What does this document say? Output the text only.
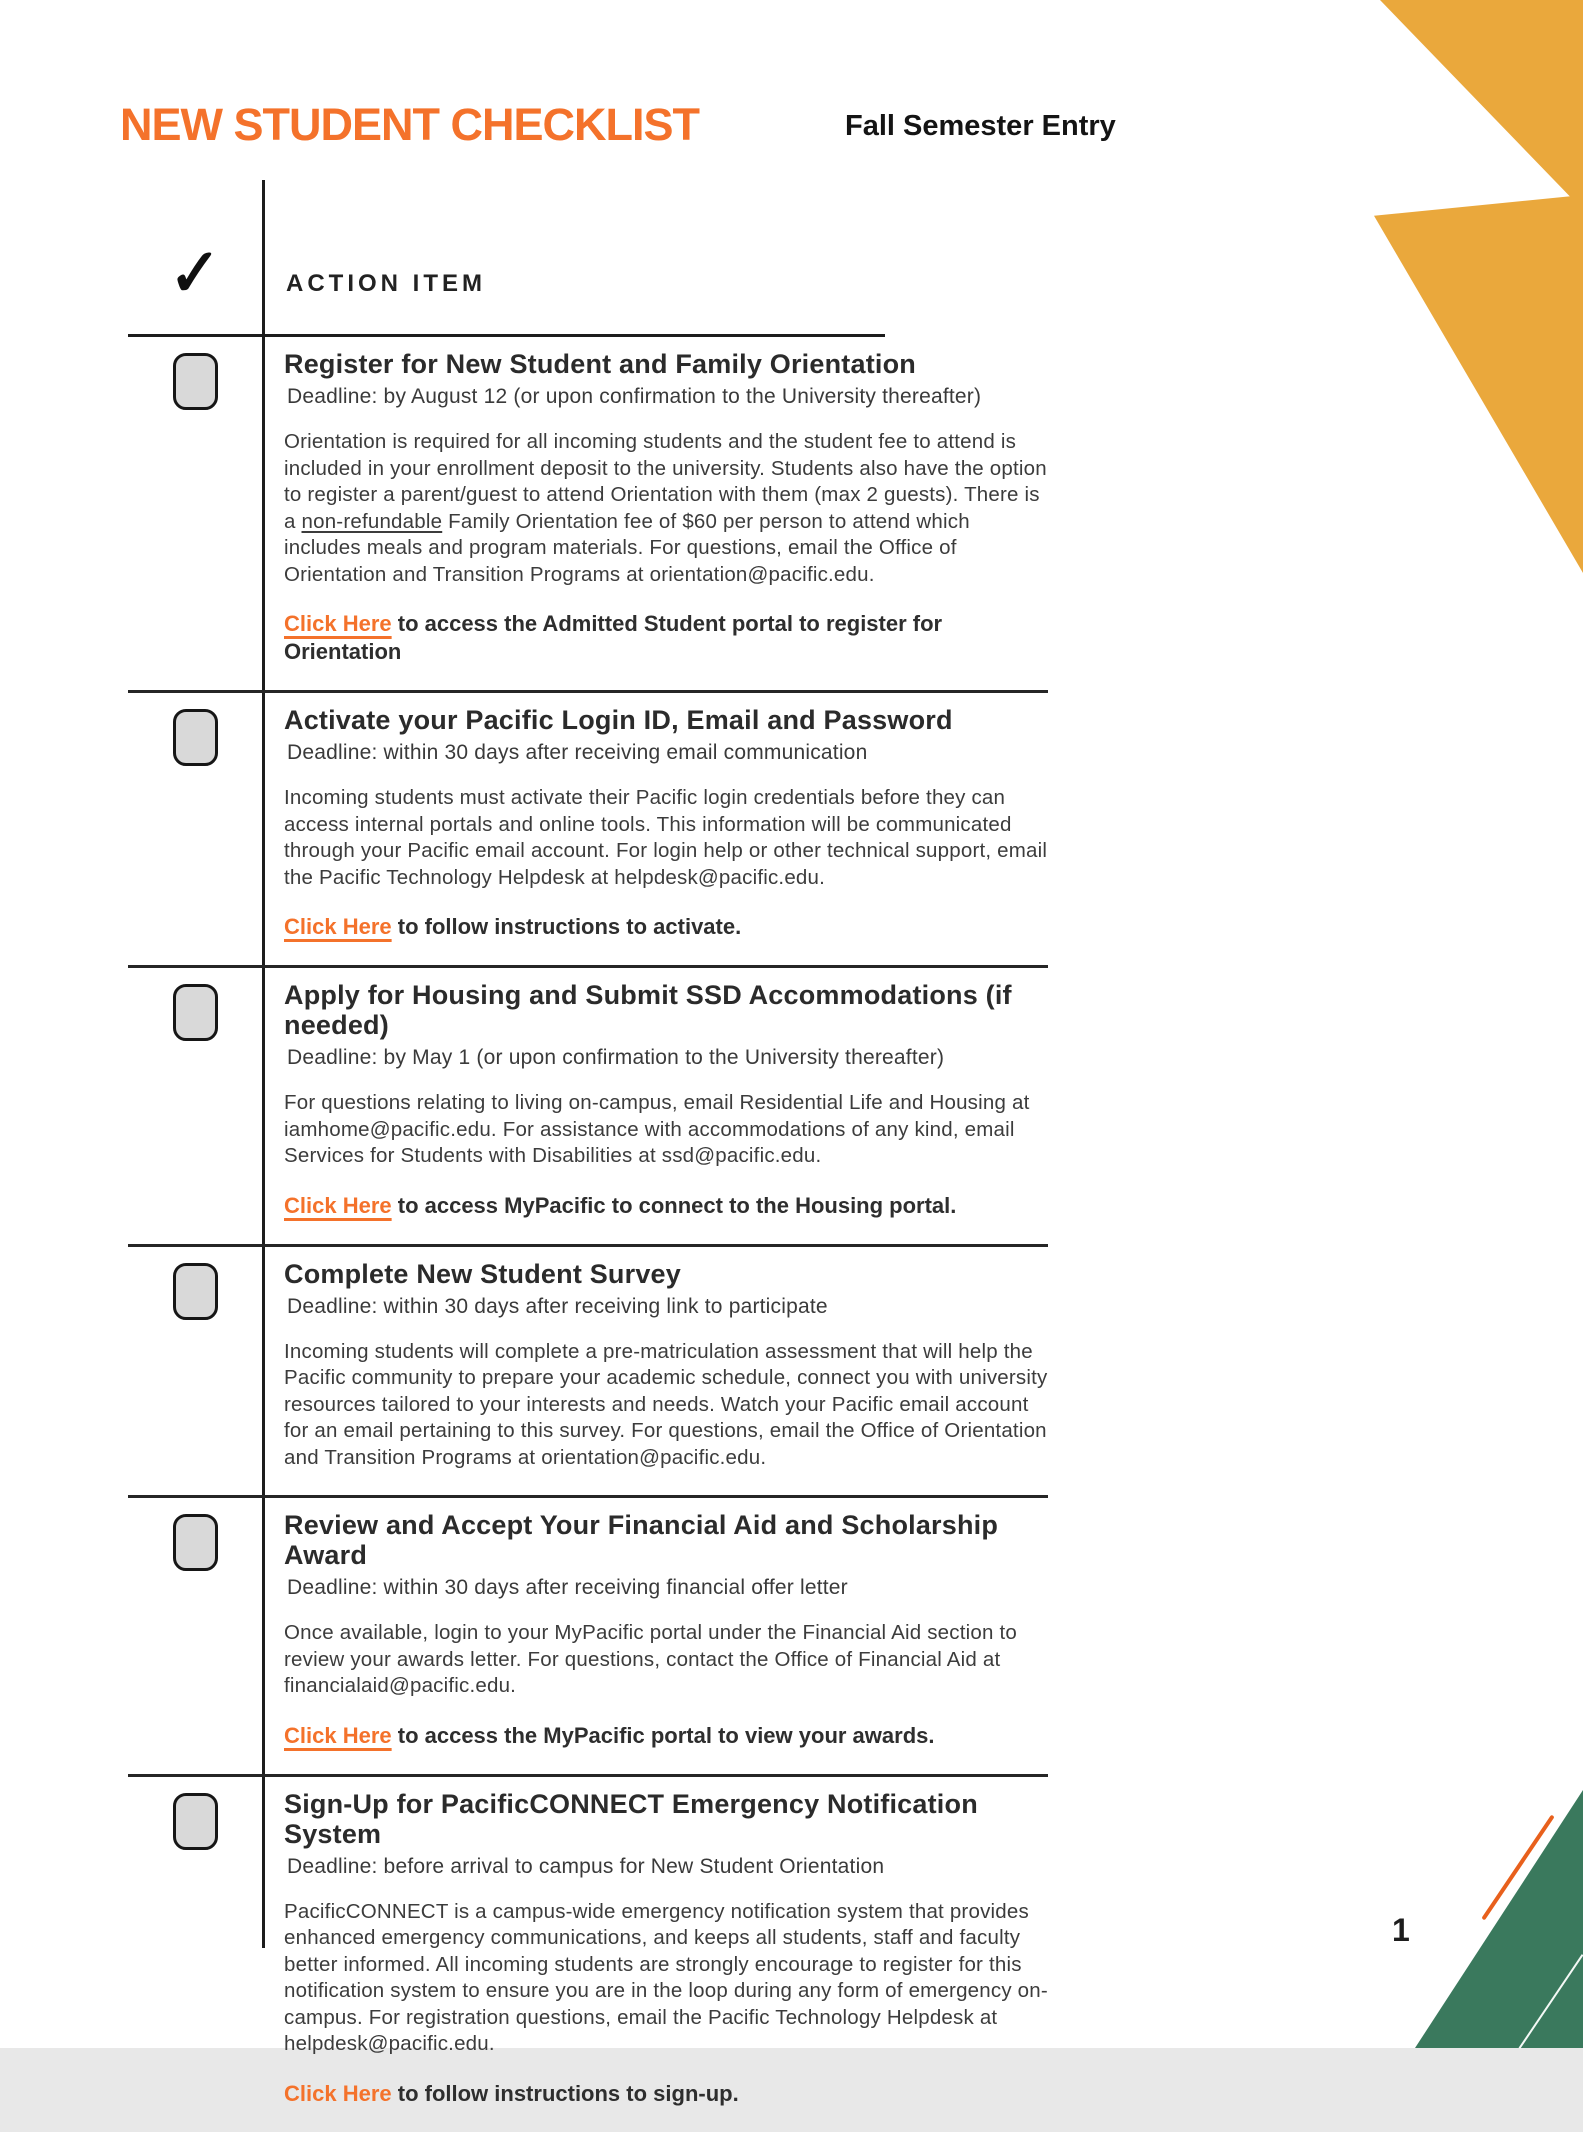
1
NEW STUDENT CHECKLIST	Fall Semester Entry
✓	ACTION ITEM
Register for New Student and Family Orientation
Deadline: by August 12 (or upon confirmation to the University thereafter)

Orientation is required for all incoming students and the student fee to attend is included in your enrollment deposit to the university. Students also have the option to register a parent/guest to attend Orientation with them (max 2 guests). There is a non-refundable Family Orientation fee of $60 per person to attend which includes meals and program materials. For questions, email the Office of Orientation and Transition Programs at orientation@pacific.edu.

Click Here to access the Admitted Student portal to register for Orientation
Activate your Pacific Login ID, Email and Password
Deadline: within 30 days after receiving email communication

Incoming students must activate their Pacific login credentials before they can access internal portals and online tools. This information will be communicated through your Pacific email account. For login help or other technical support, email the Pacific Technology Helpdesk at helpdesk@pacific.edu.

Click Here to follow instructions to activate.
Apply for Housing and Submit SSD Accommodations (if needed)
Deadline: by May 1 (or upon confirmation to the University thereafter)

For questions relating to living on-campus, email Residential Life and Housing at iamhome@pacific.edu. For assistance with accommodations of any kind, email Services for Students with Disabilities at ssd@pacific.edu.

Click Here to access MyPacific to connect to the Housing portal.
Complete New Student Survey
Deadline: within 30 days after receiving link to participate

Incoming students will complete a pre-matriculation assessment that will help the Pacific community to prepare your academic schedule, connect you with university resources tailored to your interests and needs. Watch your Pacific email account for an email pertaining to this survey. For questions, email the Office of Orientation and Transition Programs at orientation@pacific.edu.

Review and Accept Your Financial Aid and Scholarship Award
Deadline: within 30 days after receiving financial offer letter

Once available, login to your MyPacific portal under the Financial Aid section to review your awards letter. For questions, contact the Office of Financial Aid at financialaid@pacific.edu.

Click Here to access the MyPacific portal to view your awards.
Sign-Up for PacificCONNECT Emergency Notification System
Deadline: before arrival to campus for New Student Orientation

PacificCONNECT is a campus-wide emergency notification system that provides enhanced emergency communications, and keeps all students, staff and faculty better informed. All incoming students are strongly encourage to register for this notification system to ensure you are in the loop during any form of emergency on-campus. For registration questions, email the Pacific Technology Helpdesk at helpdesk@pacific.edu.

Click Here to follow instructions to sign-up.
